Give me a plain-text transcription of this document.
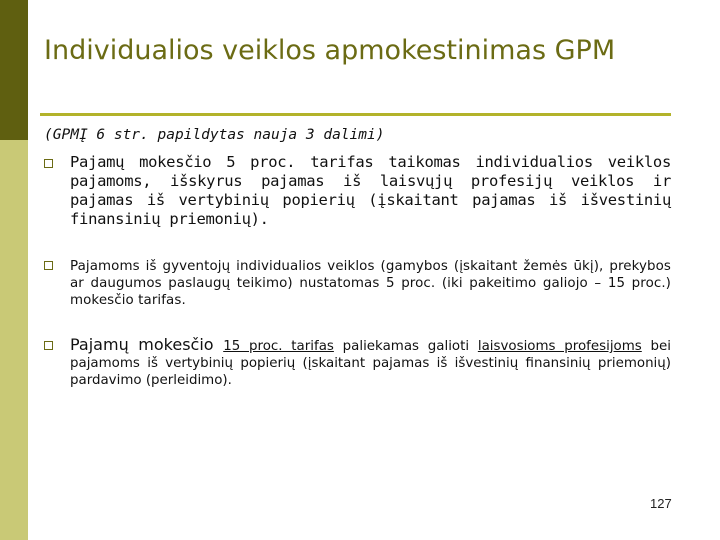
Individualios veiklos apmokestinimas GPM
(GPMĮ 6 str. papildytas nauja 3 dalimi)
Pajamų mokesčio 5 proc. tarifas taikomas individualios veiklos pajamoms, išskyrus pajamas iš laisvųjų profesijų veiklos ir pajamas iš vertybinių popierių (įskaitant pajamas iš išvestinių finansinių priemonių).
Pajamoms iš gyventojų individualios veiklos (gamybos (įskaitant žemės ūkį), prekybos ar daugumos paslaugų teikimo) nustatomas 5 proc. (iki pakeitimo galiojo – 15 proc.) mokesčio tarifas.
Pajamų mokesčio 15 proc. tarifas paliekamas galioti laisvosioms profesijoms bei pajamoms iš vertybinių popierių (įskaitant pajamas iš išvestinių finansinių priemonių) pardavimo (perleidimo).
127
